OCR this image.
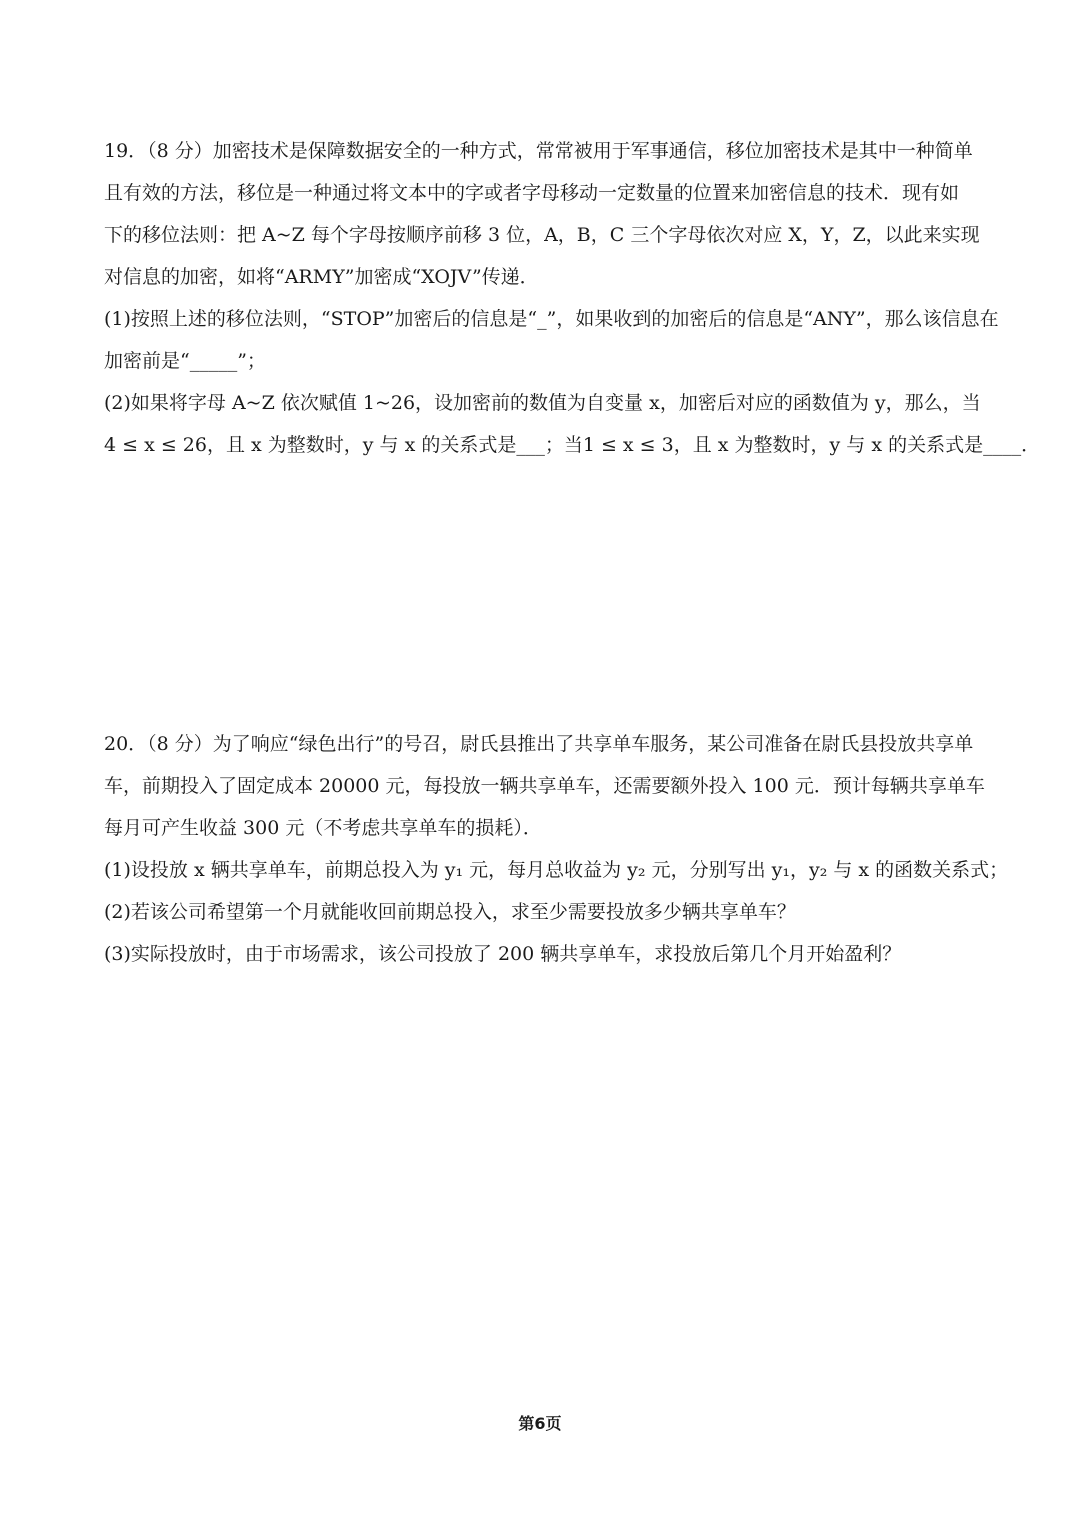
19．（8 分）加密技术是保障数据安全的一种方式，常常被用于军事通信，移位加密技术是其中一种简单
且有效的方法，移位是一种通过将文本中的字或者字母移动一定数量的位置来加密信息的技术．现有如
下的移位法则：把 A~Z 每个字母按顺序前移 3 位，A，B，C 三个字母依次对应 X，Y，Z，以此来实现
对信息的加密，如将“ARMY”加密成“XOJV”传递．
(1)按照上述的移位法则，“STOP”加密后的信息是“_”，如果收到的加密后的信息是“ANY”，那么该信息在
加密前是“_____”；
(2)如果将字母 A~Z 依次赋值 1~26，设加密前的数值为自变量 x，加密后对应的函数值为 y，那么，当
4 ≤ x ≤ 26，且 x 为整数时，y 与 x 的关系式是___；当1 ≤ x ≤ 3，且 x 为整数时，y 与 x 的关系式是____．
20．（8 分）为了响应“绿色出行”的号召，尉氏县推出了共享单车服务，某公司准备在尉氏县投放共享单
车，前期投入了固定成本 20000 元，每投放一辆共享单车，还需要额外投入 100 元．预计每辆共享单车
每月可产生收益 300 元（不考虑共享单车的损耗）．
(1)设投放 x 辆共享单车，前期总投入为 y₁ 元，每月总收益为 y₂ 元，分别写出 y₁，y₂ 与 x 的函数关系式；
(2)若该公司希望第一个月就能收回前期总投入，求至少需要投放多少辆共享单车？
(3)实际投放时，由于市场需求，该公司投放了 200 辆共享单车，求投放后第几个月开始盈利？
第6页
